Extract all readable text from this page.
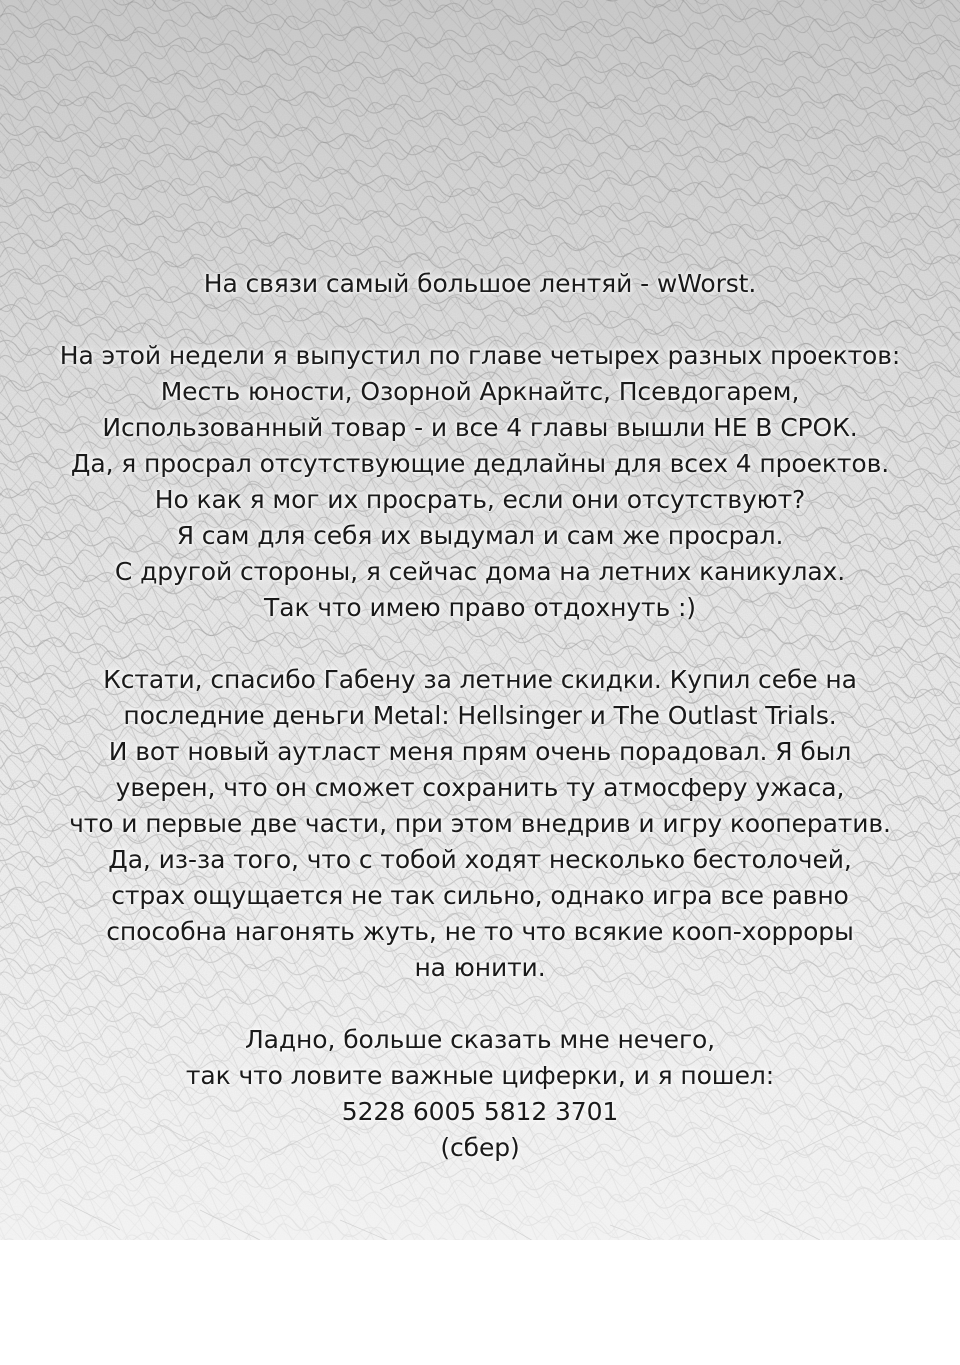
На связи самый большое лентяй - wWorst.
На этой недели я выпустил по главе четырех разных проектов:
Месть юности, Озорной Аркнайтс, Псевдогарем,
Использованный товар - и все 4 главы вышли НЕ В СРОК.
Да, я просрал отсутствующие дедлайны для всех 4 проектов.
Но как я мог их просрать, если они отсутствуют?
Я сам для себя их выдумал и сам же просрал.
С другой стороны, я сейчас дома на летних каникулах.
Так что имею право отдохнуть :)
Кстати, спасибо Габену за летние скидки. Купил себе на
последние деньги Metal: Hellsinger и The Outlast Trials.
И вот новый аутласт меня прям очень порадовал. Я был
уверен, что он сможет сохранить ту атмосферу ужаса,
что и первые две части, при этом внедрив и игру кооператив.
Да, из-за того, что с тобой ходят несколько бестолочей,
страх ощущается не так сильно, однако игра все равно
способна нагонять жуть, не то что всякие кооп-хорроры
на юнити.
Ладно, больше сказать мне нечего,
так что ловите важные циферки, и я пошел:
5228 6005 5812 3701
(сбер)
